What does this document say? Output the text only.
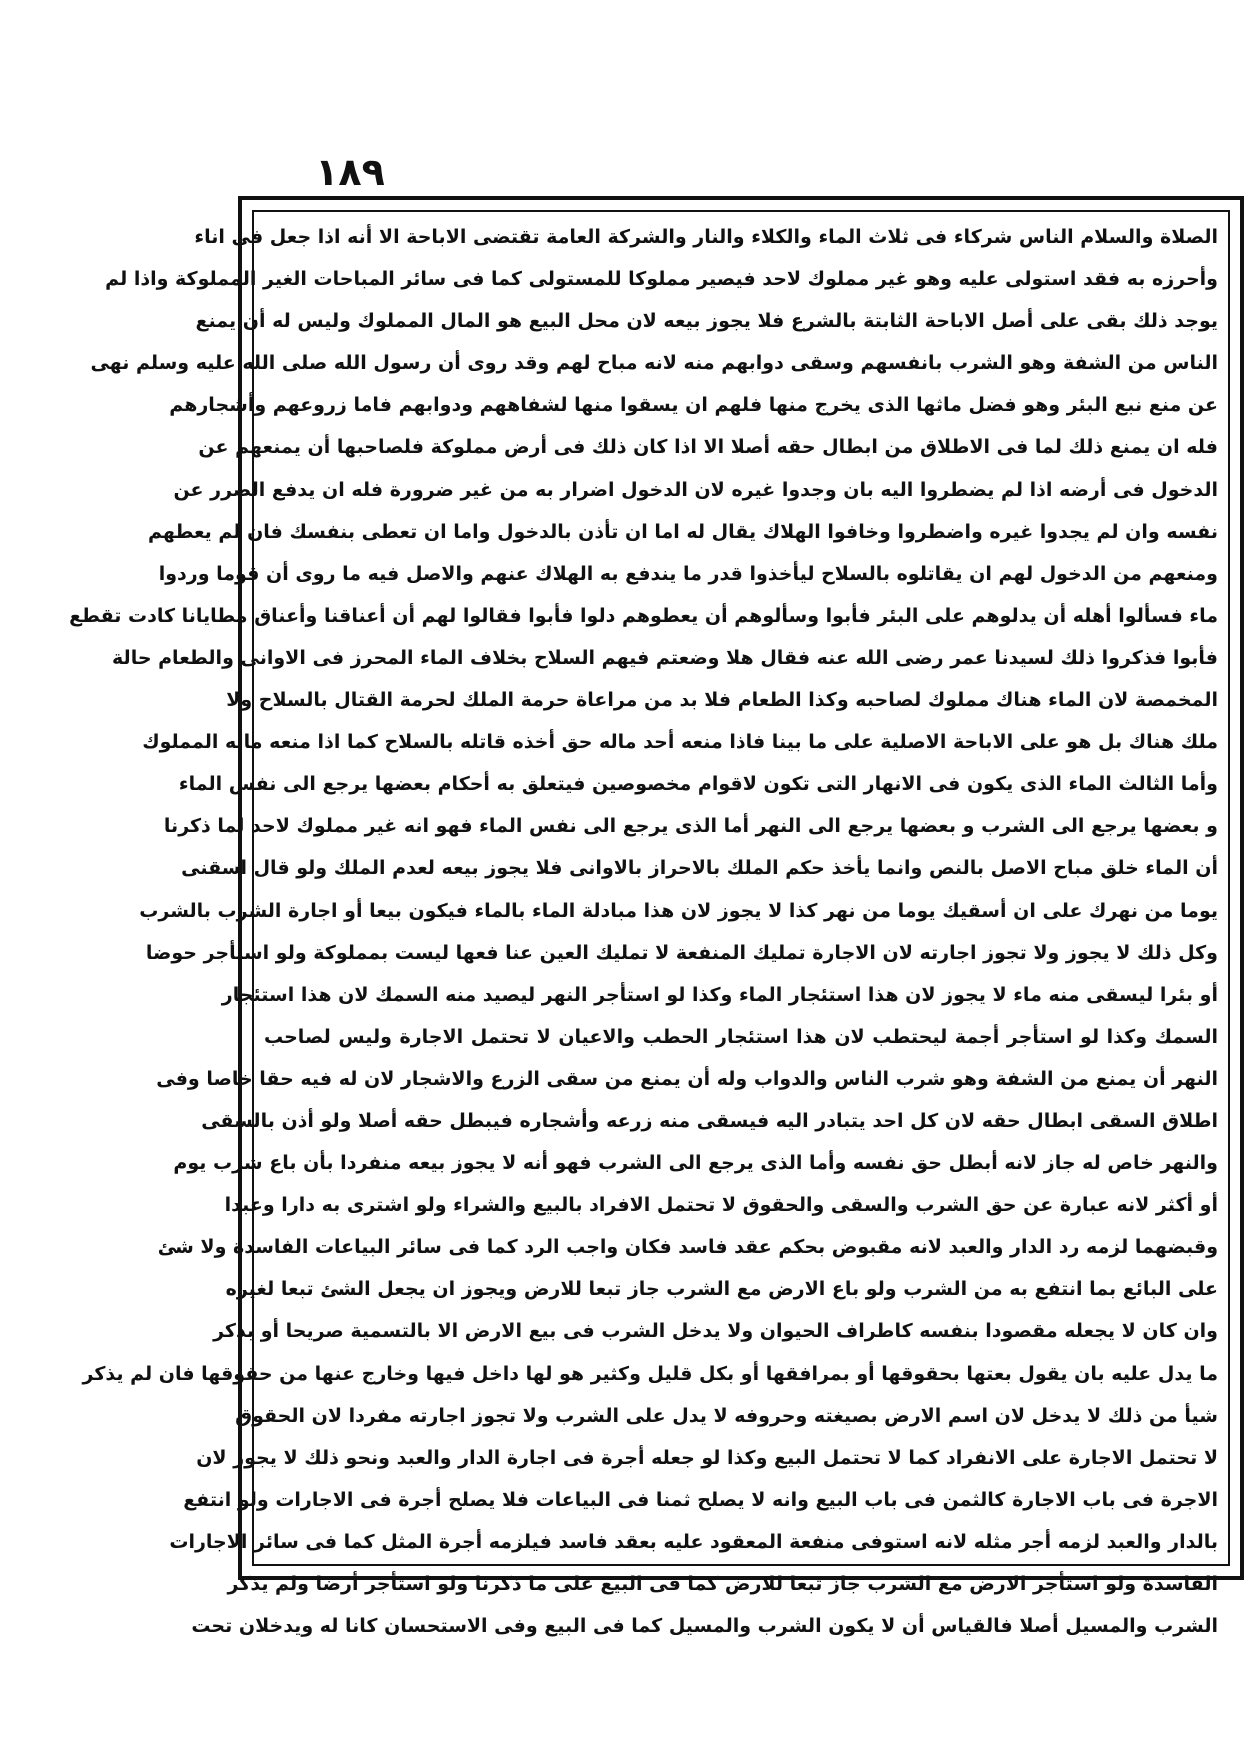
١٨٩
الصلاة والسلام الناس شركاء فى ثلاث الماء والكلاء والنار والشركة العامة تقتضى الاباحة الا أنه اذا جعل فى اناء
وأحرزه به فقد استولى عليه وهو غير مملوك لاحد فيصير مملوكا للمستولى كما فى سائر المباحات الغير المملوكة واذا لم
يوجد ذلك بقى على أصل الاباحة الثابتة بالشرع فلا يجوز بيعه لان محل البيع هو المال المملوك وليس له أن يمنع
الناس من الشفة وهو الشرب بانفسهم وسقى دوابهم منه لانه مباح لهم وقد روى أن رسول الله صلى الله عليه وسلم نهى
عن منع نبع البئر وهو فضل ماثها الذى يخرج منها فلهم ان يسقوا منها لشفاههم ودوابهم فاما زروعهم وأشجارهم
فله ان يمنع ذلك لما فى الاطلاق من ابطال حقه أصلا الا اذا كان ذلك فى أرض مملوكة فلصاحبها أن يمنعهم عن
الدخول فى أرضه اذا لم يضطروا اليه بان وجدوا غيره لان الدخول اضرار به من غير ضرورة فله ان يدفع الضرر عن
نفسه وان لم يجدوا غيره واضطروا وخافوا الهلاك يقال له اما ان تأذن بالدخول واما ان تعطى بنفسك فان لم يعطهم
ومنعهم من الدخول لهم ان يقاتلوه بالسلاح ليأخذوا قدر ما يندفع به الهلاك عنهم والاصل فيه ما روى أن قوما وردوا
ماء فسألوا أهله أن يدلوهم على البئر فأبوا وسألوهم أن يعطوهم دلوا فأبوا فقالوا لهم أن أعناقنا وأعناق مطايانا كادت تقطع
فأبوا فذكروا ذلك لسيدنا عمر رضى الله عنه فقال هلا وضعتم فيهم السلاح بخلاف الماء المحرز فى الاوانى والطعام حالة
المخمصة لان الماء هناك مملوك لصاحبه وكذا الطعام فلا بد من مراعاة حرمة الملك لحرمة القتال بالسلاح ولا
ملك هناك بل هو على الاباحة الاصلية على ما بينا فاذا منعه أحد ماله حق أخذه قاتله بالسلاح كما اذا منعه ماله المملوك
وأما الثالث الماء الذى يكون فى الانهار التى تكون لاقوام مخصوصين فيتعلق به أحكام بعضها يرجع الى نفس الماء
و بعضها يرجع الى الشرب و بعضها يرجع الى النهر أما الذى يرجع الى نفس الماء فهو انه غير مملوك لاحد لما ذكرنا
أن الماء خلق مباح الاصل بالنص وانما يأخذ حكم الملك بالاحراز بالاوانى فلا يجوز بيعه لعدم الملك ولو قال اسقنى
يوما من نهرك على ان أسقيك يوما من نهر كذا لا يجوز لان هذا مبادلة الماء بالماء فيكون بيعا أو اجارة الشرب بالشرب
وكل ذلك لا يجوز ولا تجوز اجارته لان الاجارة تمليك المنفعة لا تمليك العين عنا فعها ليست بمملوكة ولو استأجر حوضا
أو بئرا ليسقى منه ماء لا يجوز لان هذا استئجار الماء وكذا لو استأجر النهر ليصيد منه السمك لان هذا استئجار
السمك وكذا لو استأجر أجمة ليحتطب لان هذا استئجار الحطب والاعيان لا تحتمل الاجارة وليس لصاحب
النهر أن يمنع من الشفة وهو شرب الناس والدواب وله أن يمنع من سقى الزرع والاشجار لان له فيه حقا خاصا وفى
اطلاق السقى ابطال حقه لان كل احد يتبادر اليه فيسقى منه زرعه وأشجاره فيبطل حقه أصلا ولو أذن بالسقى
والنهر خاص له جاز لانه أبطل حق نفسه وأما الذى يرجع الى الشرب فهو أنه لا يجوز بيعه منفردا بأن باع شرب يوم
أو أكثر لانه عبارة عن حق الشرب والسقى والحقوق لا تحتمل الافراد بالبيع والشراء ولو اشترى به دارا وعبدا
وقبضهما لزمه رد الدار والعبد لانه مقبوض بحكم عقد فاسد فكان واجب الرد كما فى سائر البياعات الفاسدة ولا شئ
على البائع بما انتفع به من الشرب ولو باع الارض مع الشرب جاز تبعا للارض ويجوز ان يجعل الشئ تبعا لغيره
وان كان لا يجعله مقصودا بنفسه كاطراف الحيوان ولا يدخل الشرب فى بيع الارض الا بالتسمية صريحا أو بذكر
ما يدل عليه بان يقول بعتها بحقوقها أو بمرافقها أو بكل قليل وكثير هو لها داخل فيها وخارج عنها من حقوقها فان لم يذكر
شيأ من ذلك لا يدخل لان اسم الارض بصيغته وحروفه لا يدل على الشرب ولا تجوز اجارته مفردا لان الحقوق
لا تحتمل الاجارة على الانفراد كما لا تحتمل البيع وكذا لو جعله أجرة فى اجارة الدار والعبد ونحو ذلك لا يجوز لان
الاجرة فى باب الاجارة كالثمن فى باب البيع وانه لا يصلح ثمنا فى البياعات فلا يصلح أجرة فى الاجارات ولو انتفع
بالدار والعبد لزمه أجر مثله لانه استوفى منفعة المعقود عليه بعقد فاسد فيلزمه أجرة المثل كما فى سائر الاجارات
الفاسدة ولو استأجر الارض مع الشرب جاز تبعا للارض كما فى البيع على ما ذكرنا ولو استأجر أرضا ولم يذكر
الشرب والمسيل أصلا فالقياس أن لا يكون الشرب والمسيل كما فى البيع وفى الاستحسان كانا له ويدخلان تحت
